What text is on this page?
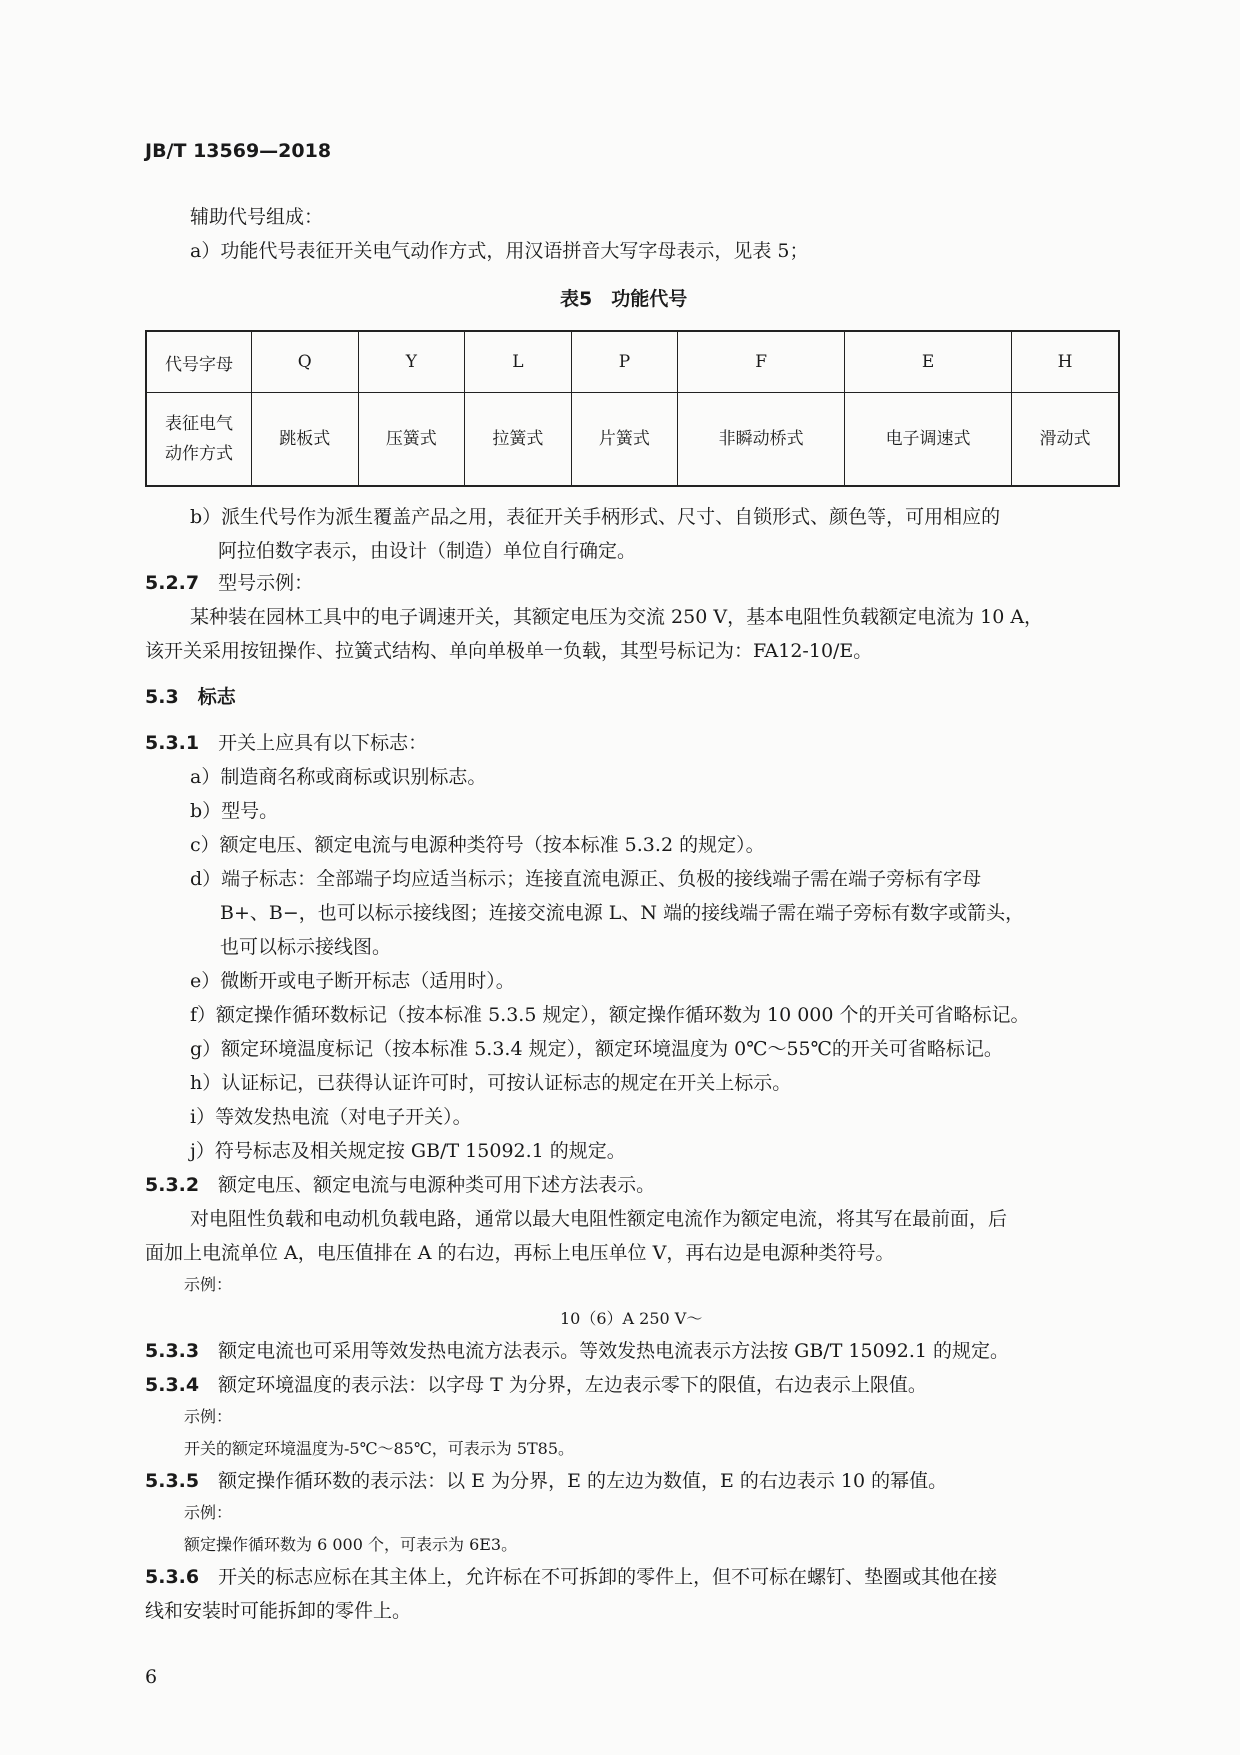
JB/T 13569—2018
辅助代号组成：
a）功能代号表征开关电气动作方式，用汉语拼音大写字母表示，见表 5；
表5　功能代号
代号字母	Q	Y	L	P	F	E	H
表征电气
动作方式	跳板式	压簧式	拉簧式	片簧式	非瞬动桥式	电子调速式	滑动式
b）派生代号作为派生覆盖产品之用，表征开关手柄形式、尺寸、自锁形式、颜色等，可用相应的
阿拉伯数字表示，由设计（制造）单位自行确定。
5.2.7　 型号示例：
某种装在园林工具中的电子调速开关，其额定电压为交流 250 V，基本电阻性负载额定电流为 10 A，
该开关采用按钮操作、拉簧式结构、单向单极单一负载，其型号标记为：FA12-10/E。
5.3　 标志
5.3.1　 开关上应具有以下标志：
a）制造商名称或商标或识别标志。
b）型号。
c）额定电压、额定电流与电源种类符号（按本标准 5.3.2 的规定）。
d）端子标志：全部端子均应适当标示；连接直流电源正、负极的接线端子需在端子旁标有字母
B+、B−，也可以标示接线图；连接交流电源 L、N 端的接线端子需在端子旁标有数字或箭头，
也可以标示接线图。
e）微断开或电子断开标志（适用时）。
f）额定操作循环数标记（按本标准 5.3.5 规定），额定操作循环数为 10 000 个的开关可省略标记。
g）额定环境温度标记（按本标准 5.3.4 规定），额定环境温度为 0℃～55℃的开关可省略标记。
h）认证标记，已获得认证许可时，可按认证标志的规定在开关上标示。
i）等效发热电流（对电子开关）。
j）符号标志及相关规定按 GB/T 15092.1 的规定。
5.3.2　 额定电压、额定电流与电源种类可用下述方法表示。
对电阻性负载和电动机负载电路，通常以最大电阻性额定电流作为额定电流，将其写在最前面，后
面加上电流单位 A，电压值排在 A 的右边，再标上电压单位 V，再右边是电源种类符号。
示例：
10（6）A 250 V～
5.3.3　 额定电流也可采用等效发热电流方法表示。等效发热电流表示方法按 GB/T 15092.1 的规定。
5.3.4　 额定环境温度的表示法：以字母 T 为分界，左边表示零下的限值，右边表示上限值。
示例：
开关的额定环境温度为-5℃～85℃，可表示为 5T85。
5.3.5　 额定操作循环数的表示法：以 E 为分界，E 的左边为数值，E 的右边表示 10 的幂值。
示例：
额定操作循环数为 6 000 个，可表示为 6E3。
5.3.6　 开关的标志应标在其主体上，允许标在不可拆卸的零件上，但不可标在螺钉、垫圈或其他在接
线和安装时可能拆卸的零件上。
6
